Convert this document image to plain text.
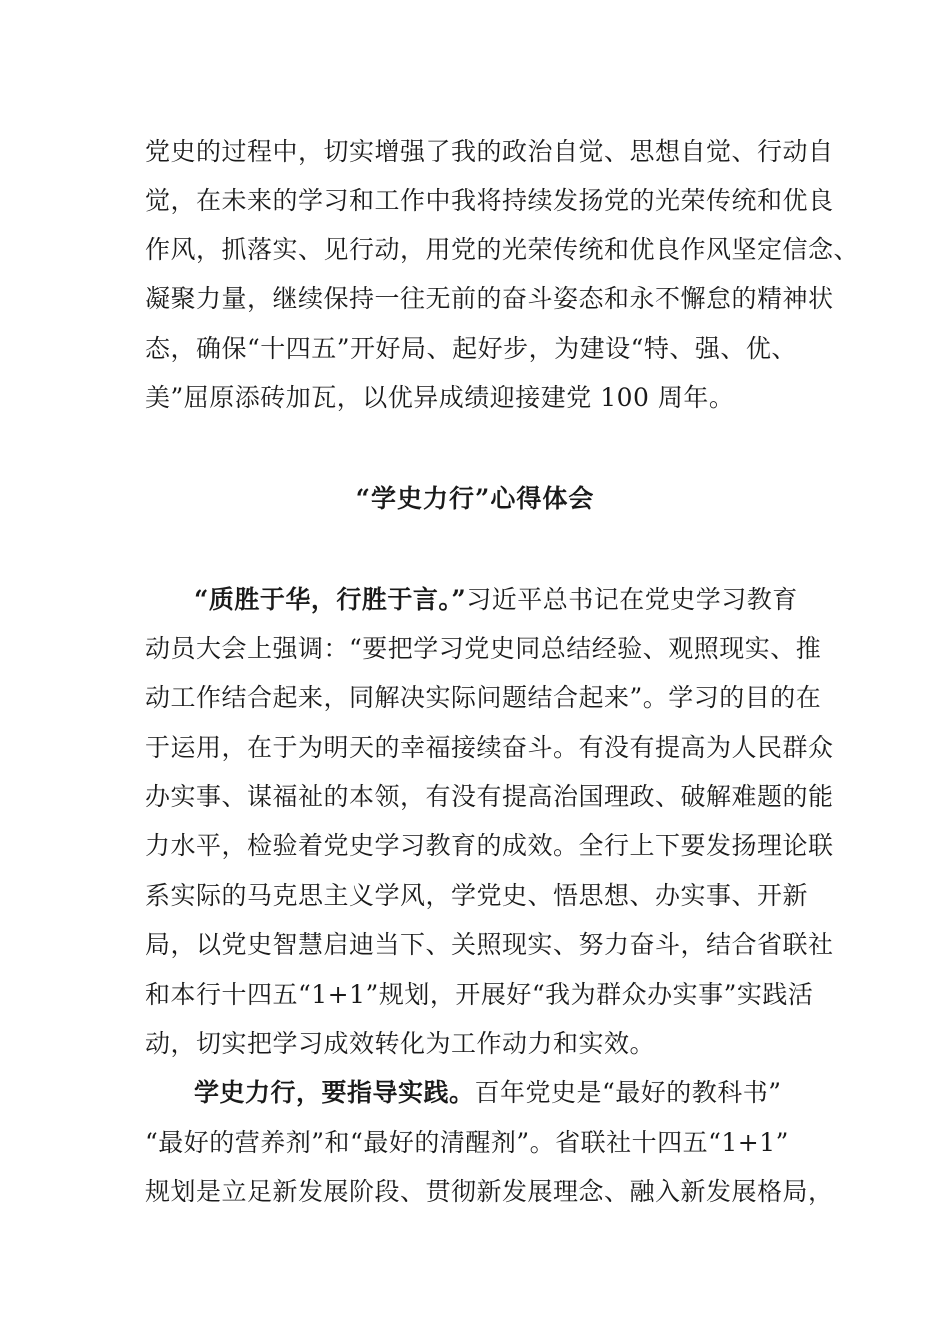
党史的过程中，切实增强了我的政治自觉、思想自觉、行动自
觉，在未来的学习和工作中我将持续发扬党的光荣传统和优良
作风，抓落实、见行动，用党的光荣传统和优良作风坚定信念、
凝聚力量，继续保持一往无前的奋斗姿态和永不懈怠的精神状
态，确保“十四五”开好局、起好步，为建设“特、强、优、
美”屈原添砖加瓦，以优异成绩迎接建党 100 周年。
“学史力行”心得体会
“质胜于华，行胜于言。”习近平总书记在党史学习教育
动员大会上强调：“要把学习党史同总结经验、观照现实、推
动工作结合起来，同解决实际问题结合起来”。学习的目的在
于运用，在于为明天的幸福接续奋斗。有没有提高为人民群众
办实事、谋福祉的本领，有没有提高治国理政、破解难题的能
力水平，检验着党史学习教育的成效。全行上下要发扬理论联
系实际的马克思主义学风，学党史、悟思想、办实事、开新
局，以党史智慧启迪当下、关照现实、努力奋斗，结合省联社
和本行十四五“1+1”规划，开展好“我为群众办实事”实践活
动，切实把学习成效转化为工作动力和实效。
学史力行，要指导实践。百年党史是“最好的教科书”
“最好的营养剂”和“最好的清醒剂”。省联社十四五“1+1”
规划是立足新发展阶段、贯彻新发展理念、融入新发展格局，
